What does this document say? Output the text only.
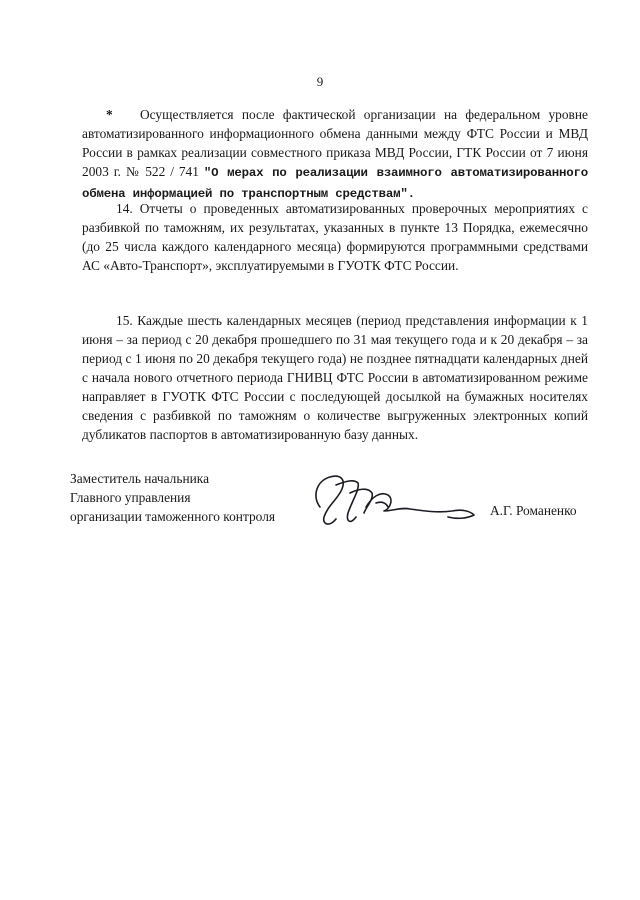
9
* Осуществляется после фактической организации на федеральном уровне автоматизированного информационного обмена данными между ФТС России и МВД России в рамках реализации совместного приказа МВД России, ГТК России от 7 июня 2003 г. № 522 / 741 "О мерах по реализации взаимного автоматизированного обмена информацией по транспортным средствам".
14. Отчеты о проведенных автоматизированных проверочных мероприятиях с разбивкой по таможням, их результатах, указанных в пункте 13 Порядка, ежемесячно (до 25 числа каждого календарного месяца) формируются программными средствами АС «Авто-Транспорт», эксплуатируемыми в ГУОТК ФТС России.
15. Каждые шесть календарных месяцев (период представления информации к 1 июня – за период с 20 декабря прошедшего по 31 мая текущего года и к 20 декабря – за период с 1 июня по 20 декабря текущего года) не позднее пятнадцати календарных дней с начала нового отчетного периода ГНИВЦ ФТС России в автоматизированном режиме направляет в ГУОТК ФТС России с последующей досылкой на бумажных носителях сведения с разбивкой по таможням о количестве выгруженных электронных копий дубликатов паспортов в автоматизированную базу данных.
Заместитель начальника
Главного управления
организации таможенного контроля	А.Г. Романенко
